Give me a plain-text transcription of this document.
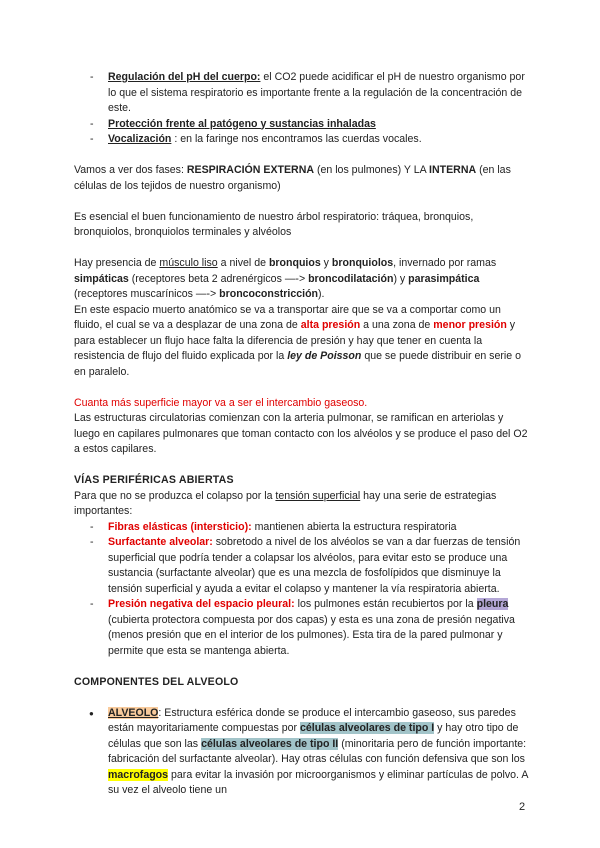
- Regulación del pH del cuerpo: el CO2 puede acidificar el pH de nuestro organismo por lo que el sistema respiratorio es importante frente a la regulación de la concentración de este.
- Protección frente al patógeno y sustancias inhaladas
- Vocalización : en la faringe nos encontramos las cuerdas vocales.

Vamos a ver dos fases: RESPIRACIÓN EXTERNA (en los pulmones) Y LA INTERNA (en las células de los tejidos de nuestro organismo)

Es esencial el buen funcionamiento de nuestro árbol respiratorio: tráquea, bronquios, bronquiolos, bronquiolos terminales y alvéolos

Hay presencia de músculo liso a nivel de bronquios y bronquiolos, invernado por ramas simpáticas (receptores beta 2 adrenérgicos —-> broncodilatación) y parasimpática (receptores muscarínicos —-> broncoconstricción).

En este espacio muerto anatómico se va a transportar aire que se va a comportar como un fluido, el cual se va a desplazar de una zona de alta presión a una zona de menor presión y para establecer un flujo hace falta la diferencia de presión y hay que tener en cuenta la resistencia de flujo del fluido explicada por la ley de Poisson que se puede distribuir en serie o en paralelo.

Cuanta más superficie mayor va a ser el intercambio gaseoso.

Las estructuras circulatorias comienzan con la arteria pulmonar, se ramifican en arteriolas y luego en capilares pulmonares que toman contacto con los alvéolos y se produce el paso del O2 a estos capilares.

VÍAS PERIFÉRICAS ABIERTAS

Para que no se produzca el colapso por la tensión superficial hay una serie de estrategias importantes:

- Fibras elásticas (intersticio): mantienen abierta la estructura respiratoria
- Surfactante alveolar: sobretodo a nivel de los alvéolos se van a dar fuerzas de tensión superficial que podría tender a colapsar los alvéolos, para evitar esto se produce una sustancia (surfactante alveolar) que es una mezcla de fosfolípidos que disminuye la tensión superficial y ayuda a evitar el colapso y mantener la vía respiratoria abierta.
- Presión negativa del espacio pleural: los pulmones están recubiertos por la pleura (cubierta protectora compuesta por dos capas) y esta es una zona de presión negativa (menos presión que en el interior de los pulmones). Esta tira de la pared pulmonar y permite que esta se mantenga abierta.

COMPONENTES DEL ALVEOLO

● ALVEOLO: Estructura esférica donde se produce el intercambio gaseoso, sus paredes están mayoritariamente compuestas por células alveolares de tipo I y hay otro tipo de células que son las células alveolares de tipo II (minoritaria pero de función importante: fabricación del surfactante alveolar). Hay otras células con función defensiva que son los macrofagos para evitar la invasión por microorganismos y eliminar partículas de polvo. A su vez el alveolo tiene un
2
